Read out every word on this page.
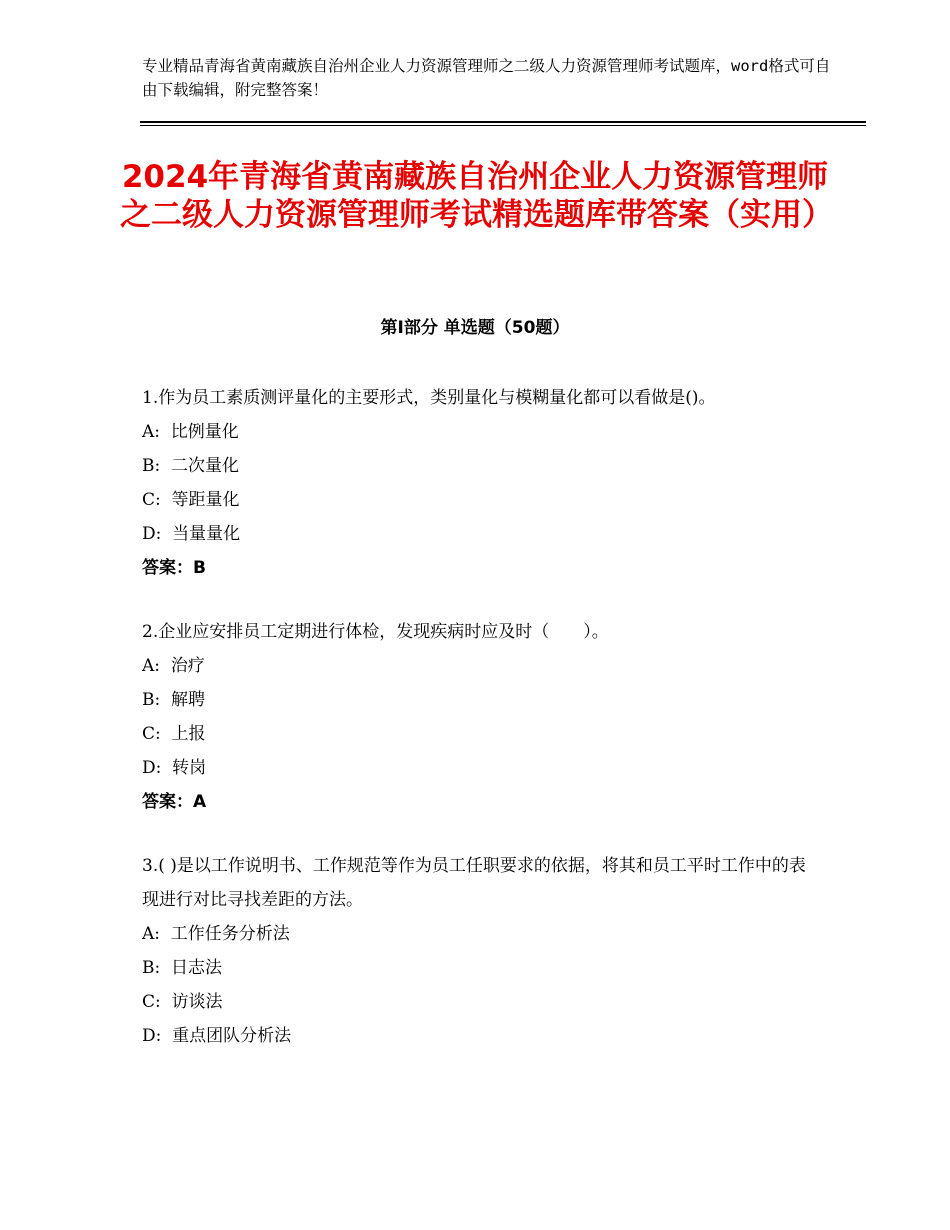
专业精品青海省黄南藏族自治州企业人力资源管理师之二级人力资源管理师考试题库，word格式可自由下载编辑，附完整答案！
2024年青海省黄南藏族自治州企业人力资源管理师之二级人力资源管理师考试精选题库带答案（实用）
第Ⅰ部分 单选题（50题）
1.作为员工素质测评量化的主要形式，类别量化与模糊量化都可以看做是()。
A:  比例量化
B:  二次量化
C:  等距量化
D:  当量量化
答案：B
2.企业应安排员工定期进行体检，发现疾病时应及时（　　）。
A:  治疗
B:  解聘
C:  上报
D:  转岗
答案：A
3.( )是以工作说明书、工作规范等作为员工任职要求的依据，将其和员工平时工作中的表现进行对比寻找差距的方法。
A:  工作任务分析法
B:  日志法
C:  访谈法
D:  重点团队分析法
